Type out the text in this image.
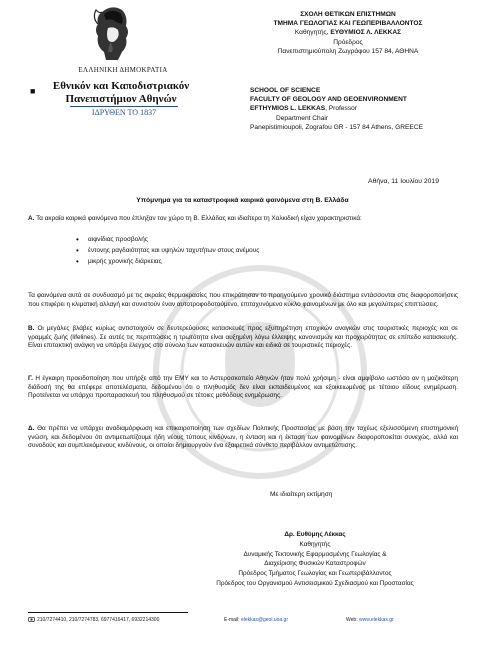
ΕΛΛΗΝΙΚΗ ΔΗΜΟΚΡΑΤΙΑ
■	Εθνικόν και Καποδιστριακόν
Πανεπιστήμιον Αθηνών
ΙΔΡΥΘΕΝ ΤΟ 1837
ΣΧΟΛΗ ΘΕΤΙΚΩΝ ΕΠΙΣΤΗΜΩΝ
ΤΜΗΜΑ ΓΕΩΛΟΓΙΑΣ ΚΑΙ ΓΕΩΠΕΡΙΒΑΛΛΟΝΤΟΣ
Καθηγητής, ΕΥΘΥΜΙΟΣ Λ. ΛΕΚΚΑΣ
Πρόεδρος
Πανεπιστημιούπολη Ζωγράφου 157 84, ΑΘΗΝΑ
SCHOOL OF SCIENCE
FACULTY OF GEOLOGY AND GEOENVIRONMENT
EFTHYMIOS L. LEKKAS, Professor
Department Chair
Panepistimioupoli, Zografou GR - 157 84 Athens, GREECE
Αθήνα, 11 Ιουλίου 2019
Υπόμνημα για τα καταστροφικά καιρικά φαινόμενα στη Β. Ελλάδα
Α. Τα ακραία καιρικά φαινόμενα που έπληξαν τον χώρο τη Β. Ελλάδας και ιδιαίτερα τη Χαλκιδική είχαν χαρακτηριστικά:
• αιφνίδιας προσβολής
• έντονης ραγδαιότητας και υψηλών ταχυτήτων στους ανέμους
• μικρής χρονικής διάρκειας
Τα φαινόμενα αυτά σε συνδυασμό με τις ακραίες θερμοκρασίες που επικράτησαν το προηγούμενο χρονικό διάστημα εντάσσονται στις διαφοροποιήσεις που επιφέρει η κλιματική αλλαγή και συνιστούν έναν αυτοτροφοδοτούμενο, επιταχυνόμενο κύκλο φαινομένων με όλο και μεγαλύτερες επιπτώσεις.
Β. Οι μεγάλες βλάβες κυρίως αντιστοιχούν σε δευτερεύουσες κατασκευές προς εξυπηρέτηση εποχικών αναγκών στις τουριστικές περιοχές και σε γραμμές ζωής (lifelines). Σε αυτές τις περιπτώσεις η τρωτότητα είναι αυξημένη λόγω έλλειψης κανονισμών και προχειρότητας σε επίπεδο κατασκευής. Είναι επιτακτική ανάγκη να υπάρξει έλεγχος στο σύνολο των κατασκευών αυτών και ειδικά σε τουριστικές περιοχές.
Γ. Η έγκαιρη προειδοποίηση που υπήρξε από την ΕΜΥ και το Αστεροσκοπείο Αθηνών ήταν πολύ χρήσιμη - είναι αμφίβολο ωστόσο αν η μαζικότερη διάδοσή της θα επέφερε αποτελέσματα, δεδομένου ότι ο πληθυσμός δεν είναι εκπαιδευμένος και εξοικειωμένος με τέτοιου είδους ενημέρωση. Προτείνεται να υπάρχει προπαρασκευή του πληθυσμού σε τέτοιες μεθόδους ενημέρωσης.
Δ. Θα πρέπει να υπάρχει αναδιαμόρφωση και επικαιροποίηση των σχεδίων Πολιτικής Προστασίας με βάση την ταχέως εξελισσόμενη επιστημονική γνώση, και δεδομένου ότι αντιμετωπίζουμε ήδη νέους τύπους κινδύνων, η ένταση και η έκταση των φαινομένων διαφοροποιείται συνεχώς, αλλά και συνοδούς και συμπλεκόμενους κινδύνους, οι οποίοι δημιουργούν ένα εξαιρετικά σύνθετο περιβάλλον αντιμετώπισης.
Με ιδιαίτερη εκτίμηση
Δρ. Ευθύμης Λέκκας
Καθηγητής
Δυναμικής Τεκτονικής Εφαρμοσμένης Γεωλογίας &
Διαχείρισης Φυσικών Καταστροφών
Πρόεδρος Τμήματος Γεωλογίας και Γεωπεριβάλλοντος
Πρόεδρος του Οργανισμού Αντισεισμικού Σχεδιασμού και Προστασίας
210/7274410, 210/7274783, 6977416417, 6932214300	E-mail: elekkas@geol.uoa.gr	Web: www.elekkas.gr
